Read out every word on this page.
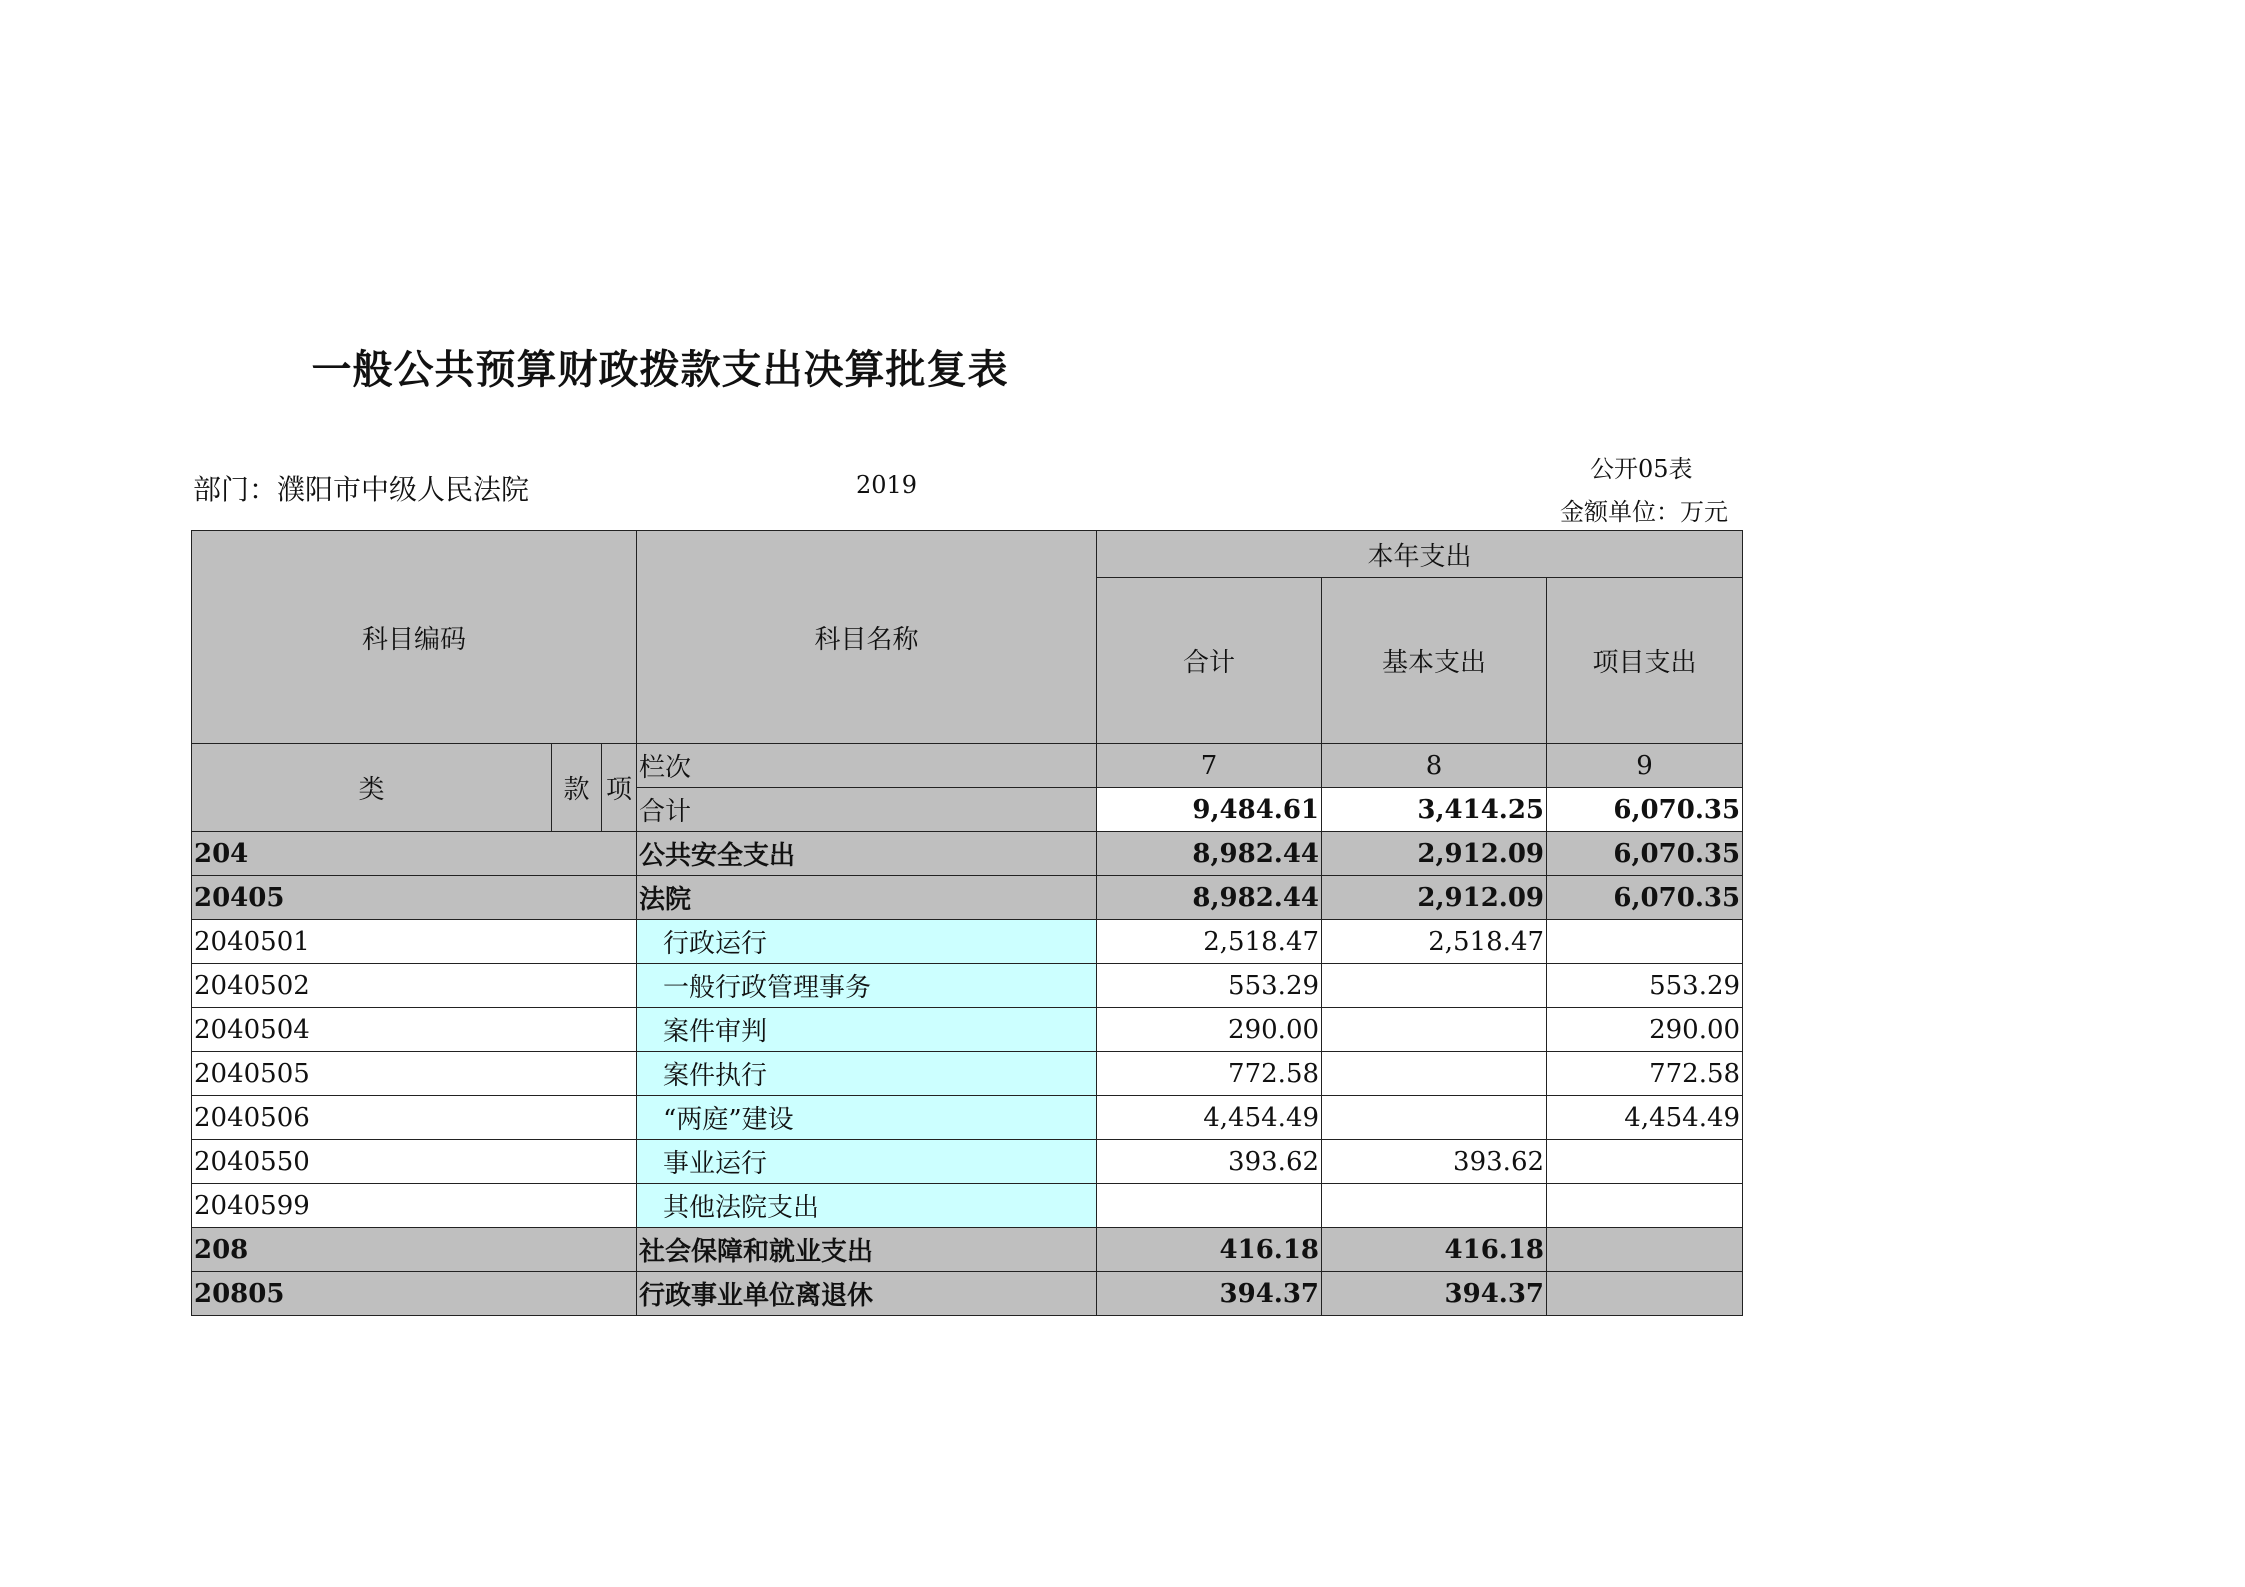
一般公共预算财政拨款支出决算批复表
部门：濮阳市中级人民法院	2019
公开05表
金额单位：万元
科目编码			科目名称	本年支出		
				合计	基本支出	项目支出
类	款	项	栏次	7	8	9
			合计	9,484.61	3,414.25	6,070.35
204			公共安全支出	8,982.44	2,912.09	6,070.35
20405			法院	8,982.44	2,912.09	6,070.35
2040501			行政运行	2,518.47	2,518.47	
2040502			一般行政管理事务	553.29		553.29
2040504			案件审判	290.00		290.00
2040505			案件执行	772.58		772.58
2040506			“两庭”建设	4,454.49		4,454.49
2040550			事业运行	393.62	393.62	
2040599			其他法院支出			
208			社会保障和就业支出	416.18	416.18	
20805			行政事业单位离退休	394.37	394.37	
